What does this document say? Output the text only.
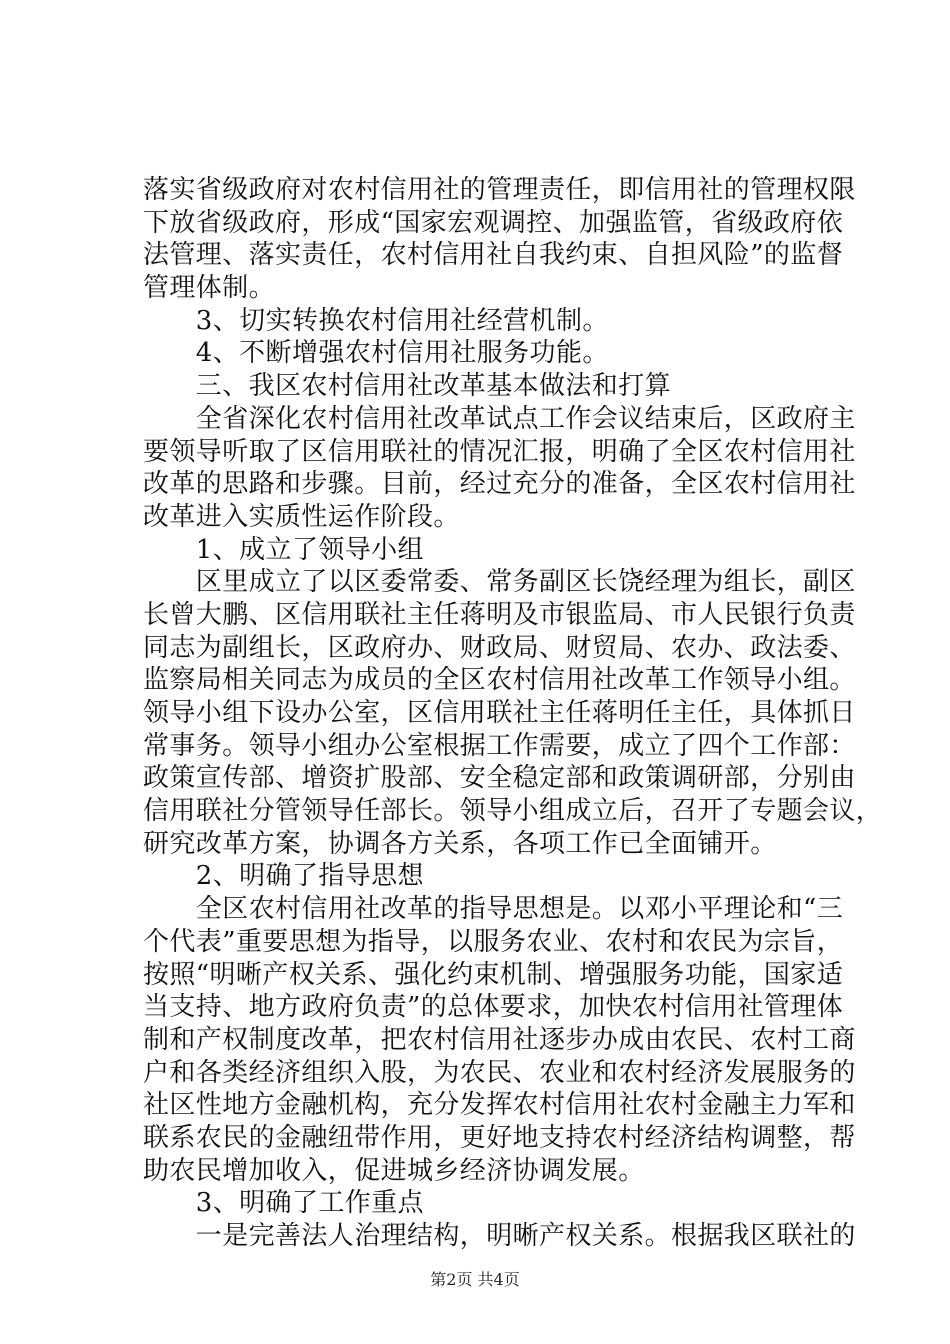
落实省级政府对农村信用社的管理责任，即信用社的管理权限
下放省级政府，形成“国家宏观调控、加强监管，省级政府依
法管理、落实责任，农村信用社自我约束、自担风险”的监督
管理体制。
　　3、切实转换农村信用社经营机制。
　　4、不断增强农村信用社服务功能。
　　三、我区农村信用社改革基本做法和打算
　　全省深化农村信用社改革试点工作会议结束后，区政府主
要领导听取了区信用联社的情况汇报，明确了全区农村信用社
改革的思路和步骤。目前，经过充分的准备，全区农村信用社
改革进入实质性运作阶段。
　　1、成立了领导小组
　　区里成立了以区委常委、常务副区长饶经理为组长，副区
长曾大鹏、区信用联社主任蒋明及市银监局、市人民银行负责
同志为副组长，区政府办、财政局、财贸局、农办、政法委、
监察局相关同志为成员的全区农村信用社改革工作领导小组。
领导小组下设办公室，区信用联社主任蒋明任主任，具体抓日
常事务。领导小组办公室根据工作需要，成立了四个工作部：
政策宣传部、增资扩股部、安全稳定部和政策调研部，分别由
信用联社分管领导任部长。领导小组成立后，召开了专题会议，
研究改革方案，协调各方关系，各项工作已全面铺开。
　　2、明确了指导思想
　　全区农村信用社改革的指导思想是。以邓小平理论和“三
个代表”重要思想为指导，以服务农业、农村和农民为宗旨，
按照“明晰产权关系、强化约束机制、增强服务功能，国家适
当支持、地方政府负责”的总体要求，加快农村信用社管理体
制和产权制度改革，把农村信用社逐步办成由农民、农村工商
户和各类经济组织入股，为农民、农业和农村经济发展服务的
社区性地方金融机构，充分发挥农村信用社农村金融主力军和
联系农民的金融纽带作用，更好地支持农村经济结构调整，帮
助农民增加收入，促进城乡经济协调发展。
　　3、明确了工作重点
　　一是完善法人治理结构，明晰产权关系。根据我区联社的

第2页 共4页
